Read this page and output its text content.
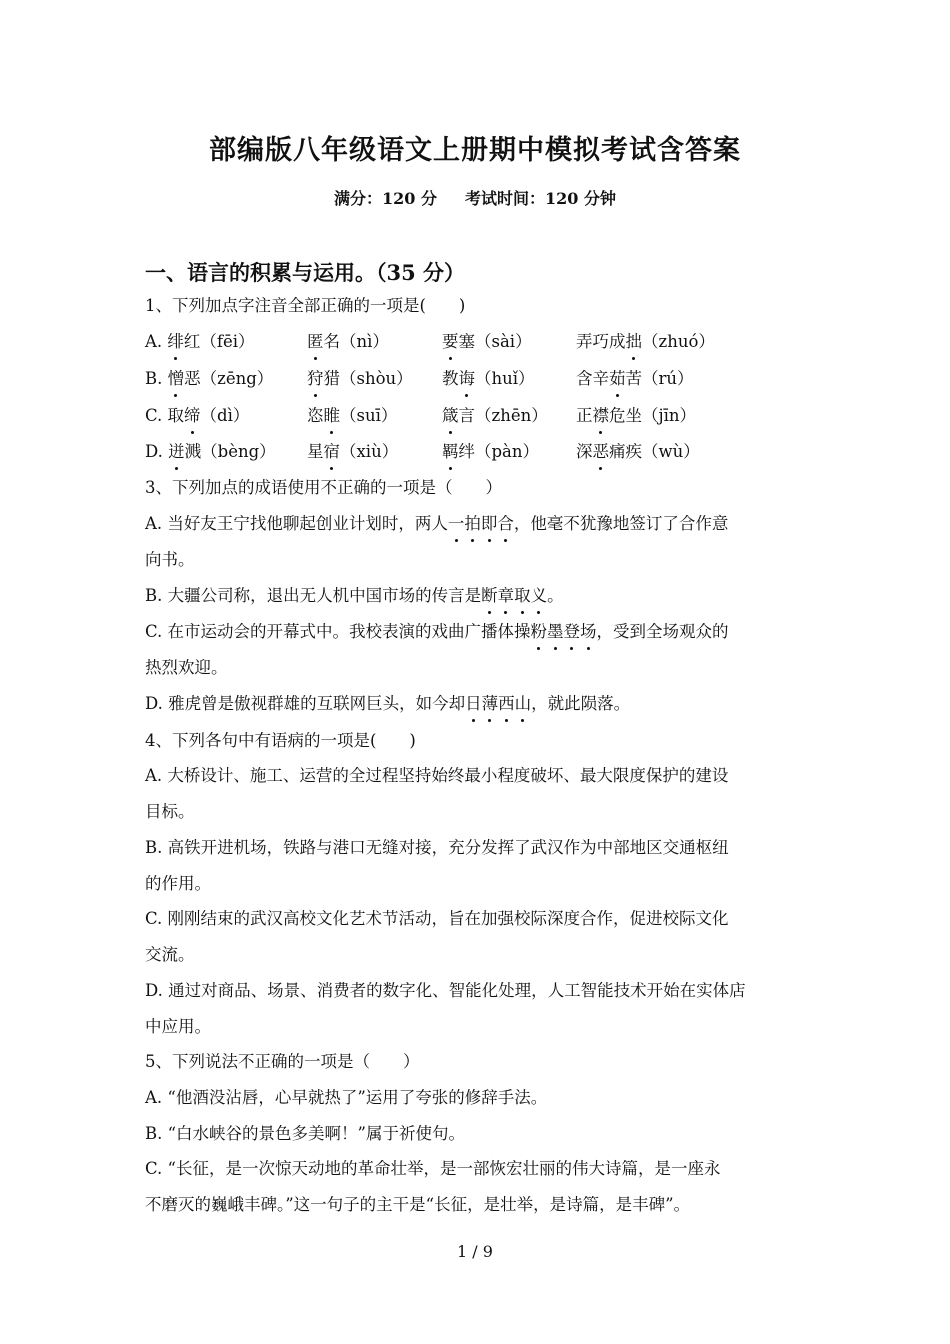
部编版八年级语文上册期中模拟考试含答案
满分：120 分 考试时间：120 分钟
一、语言的积累与运用。（35 分）
1、下列加点字注音全部正确的一项是(　　)
A. 绯红（fēi）	匿名（nì）	要塞（sài）	弄巧成拙（zhuó）
B. 憎恶（zēng） 狩猎（shòu） 教诲（huǐ）	含辛茹苦（rú）
C. 取缔（dì）	恣睢（suī）	箴言（zhēn） 正襟危坐（jīn）
D. 迸溅（bèng） 星宿（xiù）	羁绊（pàn） 深恶痛疾（wù）
3、下列加点的成语使用不正确的一项是（　　）
A. 当好友王宁找他聊起创业计划时，两人一拍即合，他毫不犹豫地签订了合作意
向书。
B. 大疆公司称，退出无人机中国市场的传言是断章取义。
C. 在市运动会的开幕式中。我校表演的戏曲广播体操粉墨登场，受到全场观众的
热烈欢迎。
D. 雅虎曾是傲视群雄的互联网巨头，如今却日薄西山，就此陨落。
4、下列各句中有语病的一项是(　　)
A. 大桥设计、施工、运营的全过程坚持始终最小程度破坏、最大限度保护的建设
目标。
B. 高铁开进机场，铁路与港口无缝对接，充分发挥了武汉作为中部地区交通枢纽
的作用。
C. 刚刚结束的武汉高校文化艺术节活动，旨在加强校际深度合作，促进校际文化
交流。
D. 通过对商品、场景、消费者的数字化、智能化处理，人工智能技术开始在实体店
中应用。
5、下列说法不正确的一项是（　　）
A. “他酒没沾唇，心早就热了”运用了夸张的修辞手法。
B. “白水峡谷的景色多美啊！”属于祈使句。
C. “长征，是一次惊天动地的革命壮举，是一部恢宏壮丽的伟大诗篇，是一座永
不磨灭的巍峨丰碑。”这一句子的主干是“长征，是壮举，是诗篇，是丰碑”。
1 / 9
